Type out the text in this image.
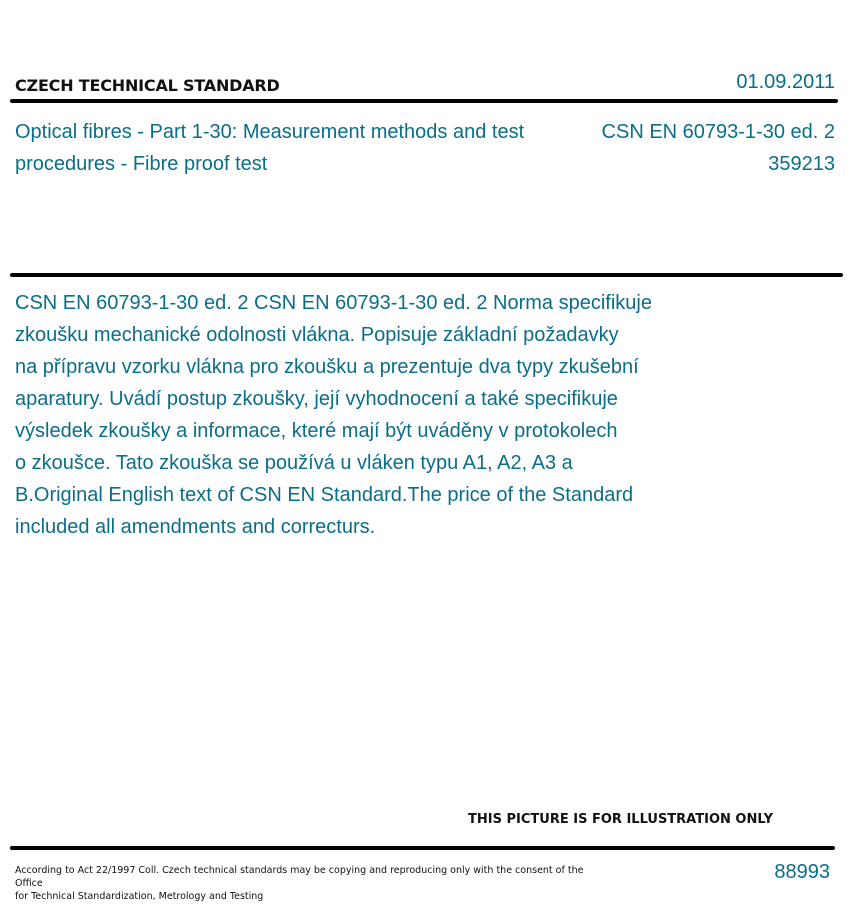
CZECH TECHNICAL STANDARD	01.09.2011
Optical fibres - Part 1-30: Measurement methods and test procedures - Fibre proof test
CSN EN 60793-1-30 ed. 2
359213
CSN EN 60793-1-30 ed. 2 CSN EN 60793-1-30 ed. 2 Norma specifikuje
zkoušku mechanické odolnosti vlákna. Popisuje základní požadavky
na přípravu vzorku vlákna pro zkoušku a prezentuje dva typy zkušební
aparatury. Uvádí postup zkoušky, její vyhodnocení a také specifikuje
výsledek zkoušky a informace, které mají být uváděny v protokolech
o zkoušce. Tato zkouška se používá u vláken typu A1, A2, A3 a
B.Original English text of CSN EN Standard.The price of the Standard
included all amendments and correcturs.
THIS PICTURE IS FOR ILLUSTRATION ONLY
According to Act 22/1997 Coll. Czech technical standards may be copying and reproducing only with the consent of the Office
for Technical Standardization, Metrology and Testing
88993
